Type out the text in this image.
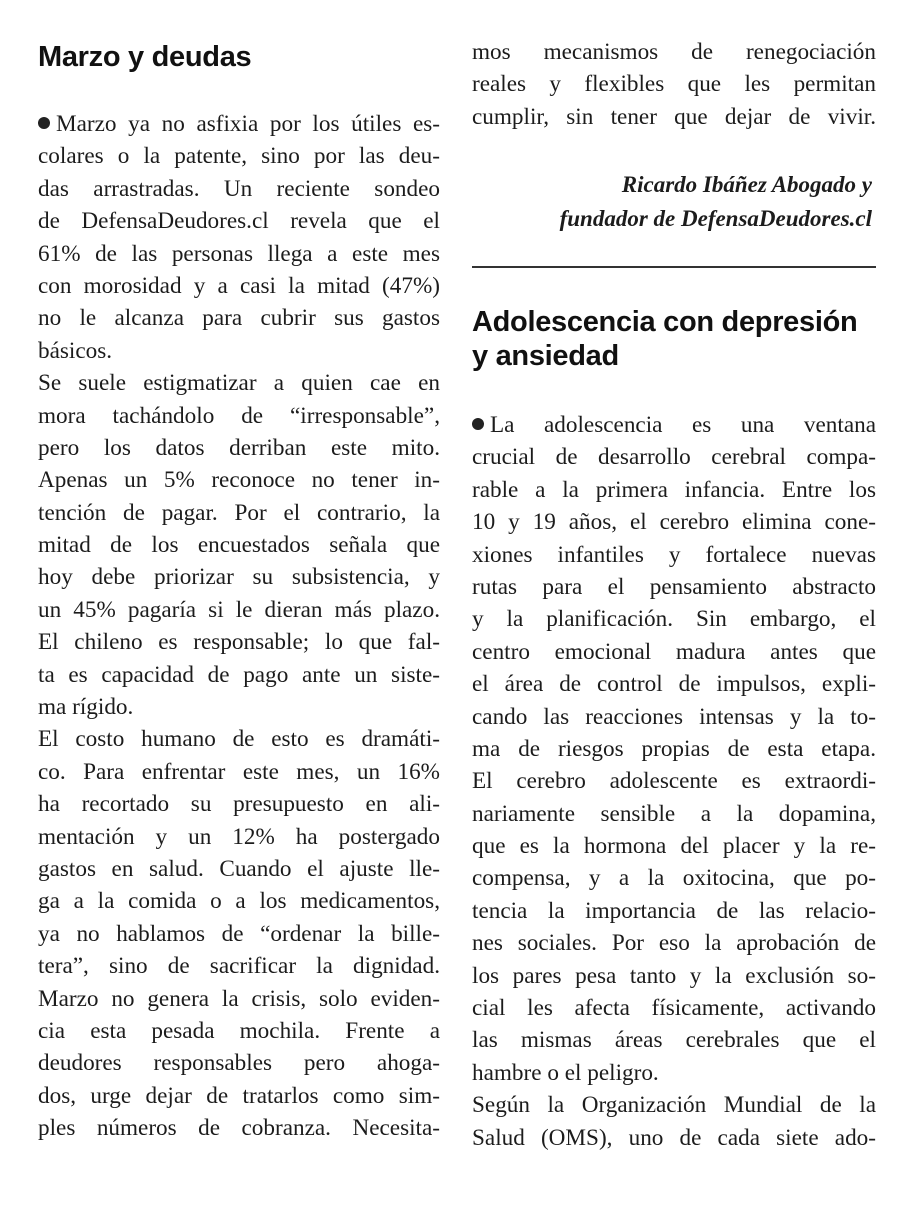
Marzo y deudas
Marzo ya no asfixia por los útiles es-
colares o la patente, sino por las deu-
das arrastradas. Un reciente sondeo
de DefensaDeudores.cl revela que el
61% de las personas llega a este mes
con morosidad y a casi la mitad (47%)
no le alcanza para cubrir sus gastos
básicos.
Se suele estigmatizar a quien cae en
mora tachándolo de “irresponsable”,
pero los datos derriban este mito.
Apenas un 5% reconoce no tener in-
tención de pagar. Por el contrario, la
mitad de los encuestados señala que
hoy debe priorizar su subsistencia, y
un 45% pagaría si le dieran más plazo.
El chileno es responsable; lo que fal-
ta es capacidad de pago ante un siste-
ma rígido.
El costo humano de esto es dramáti-
co. Para enfrentar este mes, un 16%
ha recortado su presupuesto en ali-
mentación y un 12% ha postergado
gastos en salud. Cuando el ajuste lle-
ga a la comida o a los medicamentos,
ya no hablamos de “ordenar la bille-
tera”, sino de sacrificar la dignidad.
Marzo no genera la crisis, solo eviden-
cia esta pesada mochila. Frente a
deudores responsables pero ahoga-
dos, urge dejar de tratarlos como sim-
ples números de cobranza. Necesita-
mos mecanismos de renegociación
reales y flexibles que les permitan
cumplir, sin tener que dejar de vivir.
Ricardo Ibáñez Abogado y
fundador de DefensaDeudores.cl
Adolescencia con depresión
y ansiedad
La adolescencia es una ventana
crucial de desarrollo cerebral compa-
rable a la primera infancia. Entre los
10 y 19 años, el cerebro elimina cone-
xiones infantiles y fortalece nuevas
rutas para el pensamiento abstracto
y la planificación. Sin embargo, el
centro emocional madura antes que
el área de control de impulsos, expli-
cando las reacciones intensas y la to-
ma de riesgos propias de esta etapa.
El cerebro adolescente es extraordi-
nariamente sensible a la dopamina,
que es la hormona del placer y la re-
compensa, y a la oxitocina, que po-
tencia la importancia de las relacio-
nes sociales. Por eso la aprobación de
los pares pesa tanto y la exclusión so-
cial les afecta físicamente, activando
las mismas áreas cerebrales que el
hambre o el peligro.
Según la Organización Mundial de la
Salud (OMS), uno de cada siete ado-
